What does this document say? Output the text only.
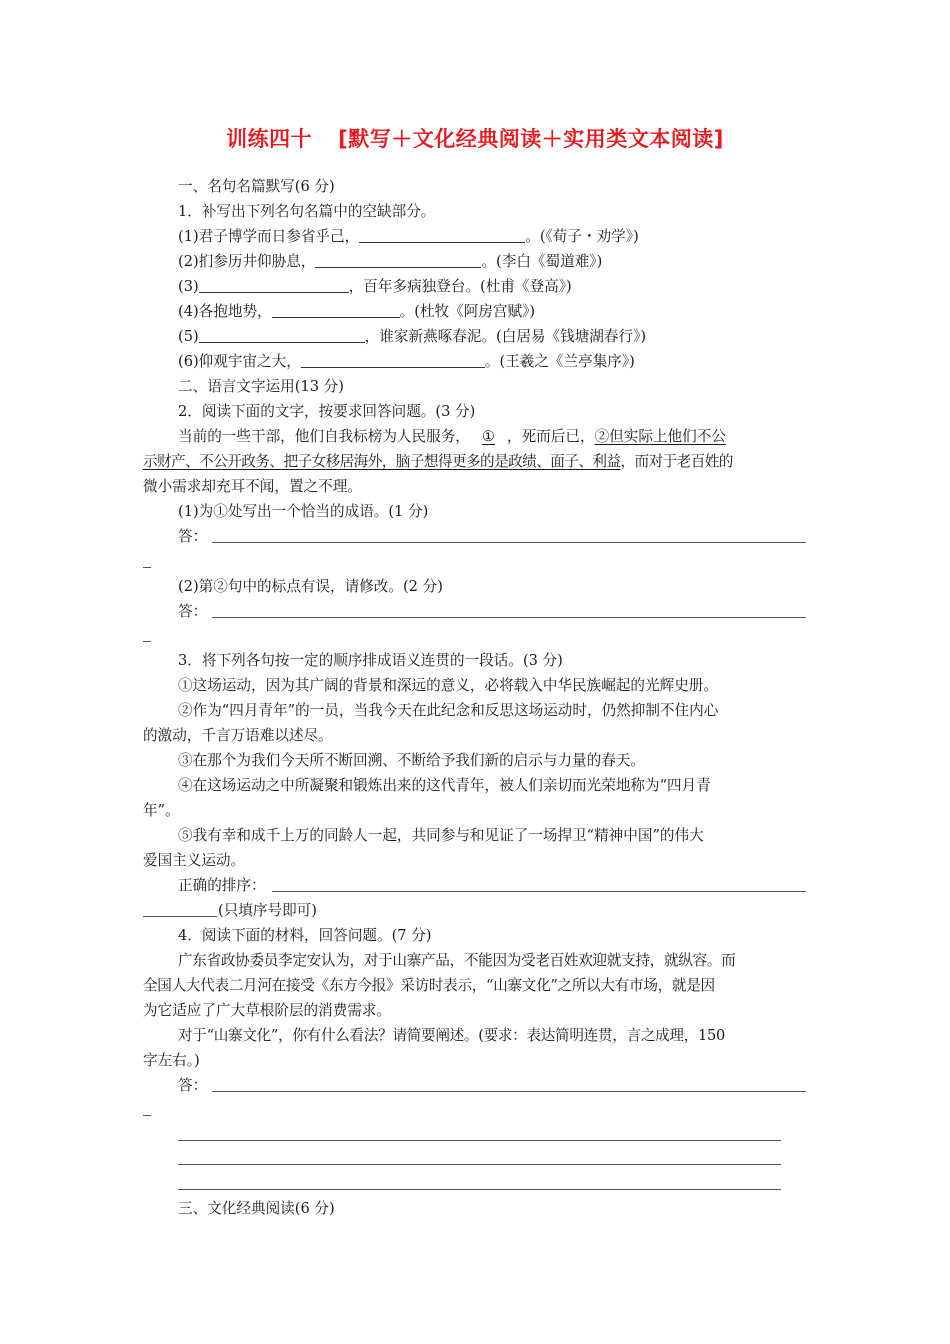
训练四十 [默写＋文化经典阅读＋实用类文本阅读]
一、名句名篇默写(6 分)
1．补写出下列名句名篇中的空缺部分。
(1)君子博学而日参省乎己，	。(《荀子・劝学》)
(2)扪参历井仰胁息，	。(李白《蜀道难》)
(3)	，百年多病独登台。(杜甫《登高》)
(4)各抱地势，	。(杜牧《阿房宫赋》)
(5)	，谁家新燕啄春泥。(白居易《钱塘湖春行》)
(6)仰观宇宙之大，	。(王羲之《兰亭集序》)
二、语言文字运用(13 分)
2．阅读下面的文字，按要求回答问题。(3 分)
当前的一些干部，他们自我标榜为人民服务， ① ，死而后已，②但实际上他们不公
示财产、不公开政务、把子女移居海外，脑子想得更多的是政绩、面子、利益，而对于老百姓的
微小需求却充耳不闻，置之不理。
(1)为①处写出一个恰当的成语。(1 分)
答：
(2)第②句中的标点有误，请修改。(2 分)
答：
3．将下列各句按一定的顺序排成语义连贯的一段话。(3 分)
①这场运动，因为其广阔的背景和深远的意义，必将载入中华民族崛起的光辉史册。
②作为“四月青年”的一员，当我今天在此纪念和反思这场运动时，仍然抑制不住内心
的激动，千言万语难以述尽。
③在那个为我们今天所不断回溯、不断给予我们新的启示与力量的春天。
④在这场运动之中所凝聚和锻炼出来的这代青年，被人们亲切而光荣地称为“四月青
年”。
⑤我有幸和成千上万的同龄人一起，共同参与和见证了一场捍卫“精神中国”的伟大
爱国主义运动。
正确的排序：
(只填序号即可)
4．阅读下面的材料，回答问题。(7 分)
广东省政协委员李定安认为，对于山寨产品，不能因为受老百姓欢迎就支持，就纵容。而
全国人大代表二月河在接受《东方今报》采访时表示，“山寨文化”之所以大有市场，就是因
为它适应了广大草根阶层的消费需求。
对于“山寨文化”，你有什么看法？请简要阐述。(要求：表达简明连贯，言之成理，150
字左右。)
答：
三、文化经典阅读(6 分)
